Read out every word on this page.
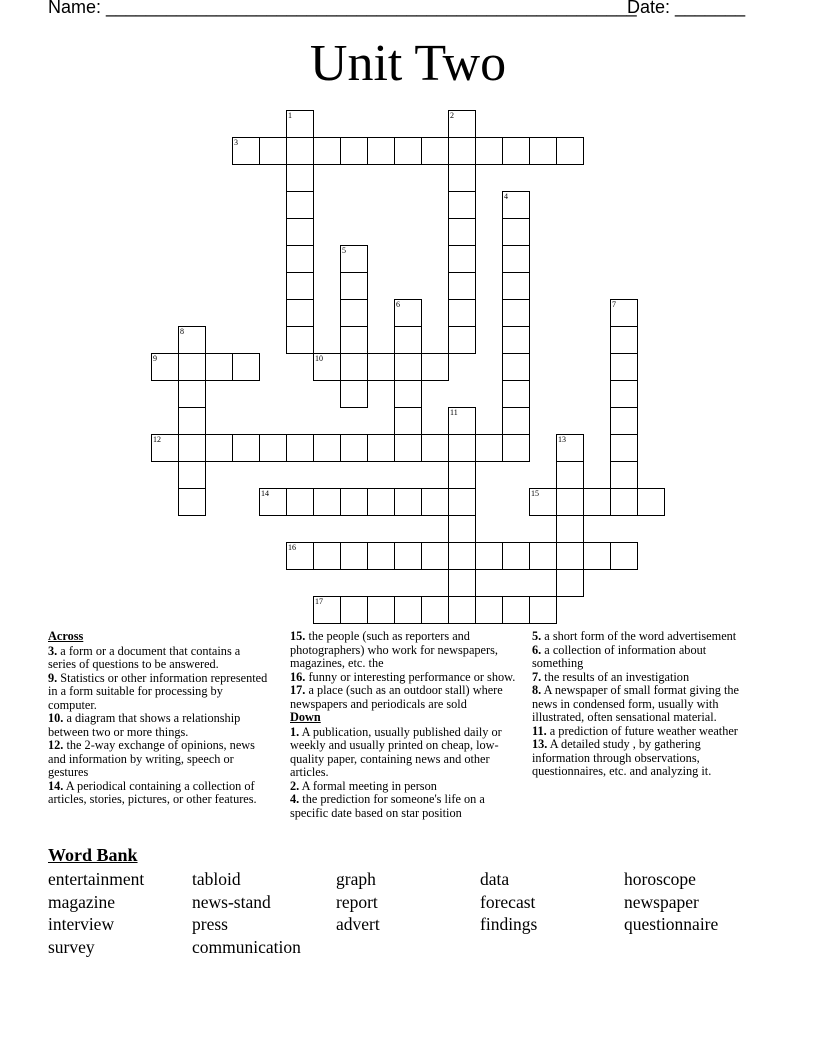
Name: _____________________________________________________
Date: _______
Unit Two
1	2
3
4
5
6	7
8
9	10
11
12	13
14	15
16
17
Across
3. a form or a document that contains a series of questions to be answered.
9. Statistics or other information represented in a form suitable for processing by computer.
10. a diagram that shows a relationship between two or more things.
12. the 2-way exchange of opinions, news and information by writing, speech or gestures
14. A periodical containing a collection of articles, stories, pictures, or other features.
15. the people (such as reporters and photographers) who work for newspapers, magazines, etc. the
16. funny or interesting performance or show.
17. a place (such as an outdoor stall) where newspapers and periodicals are sold
Down
1. A publication, usually published daily or weekly and usually printed on cheap, low-quality paper, containing news and other articles.
2. A formal meeting in person
4. the prediction for someone's life on a specific date based on star position
5. a short form of the word advertisement
6. a collection of information about something
7. the results of an investigation
8. A newspaper of small format giving the news in condensed form, usually with illustrated, often sensational material.
11. a prediction of future weather weather
13. A detailed study , by gathering information through observations, questionnaires, etc. and analyzing it.
Word Bank
entertainment	tabloid	graph	data	horoscope
magazine	news-stand	report	forecast	newspaper
interview	press	advert	findings	questionnaire
survey	communication
